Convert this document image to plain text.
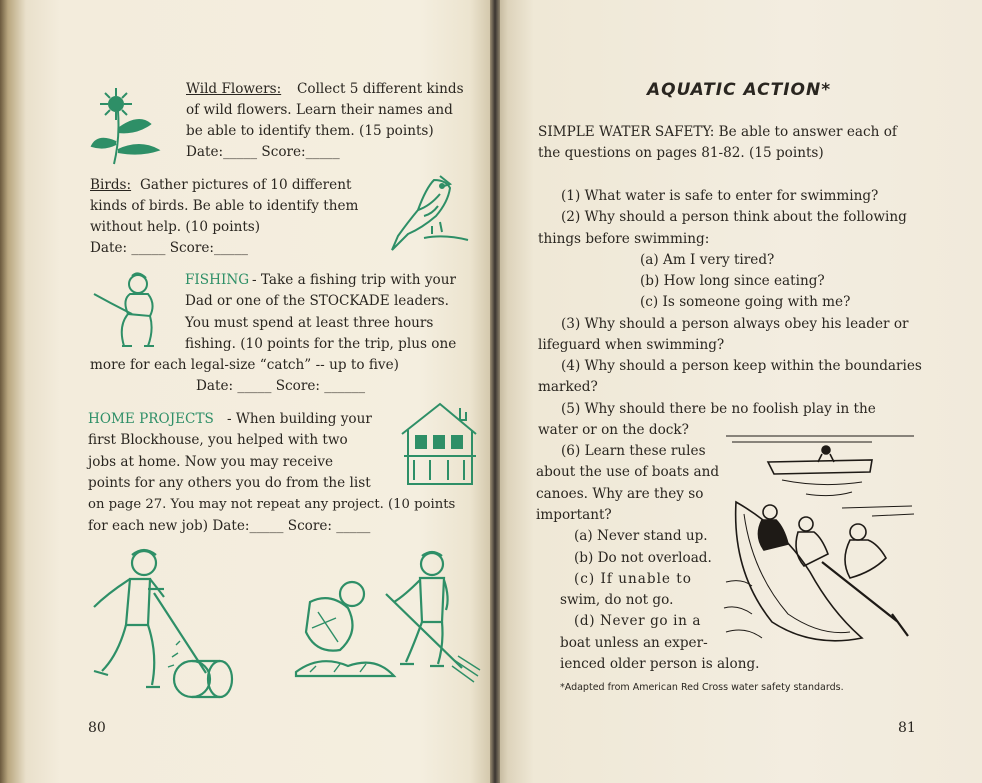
Wild Flowers: Collect 5 different kinds
of wild flowers. Learn their names and
be able to identify them. (15 points)
Date:_____ Score:_____
Birds: Gather pictures of 10 different
kinds of birds. Be able to identify them
without help. (10 points)
Date: _____ Score:_____
FISHING - Take a fishing trip with your
Dad or one of the STOCKADE leaders.
You must spend at least three hours
fishing. (10 points for the trip, plus one
more for each legal-size “catch” -- up to five)
Date: _____ Score: ______
HOME PROJECTS - When building your
first Blockhouse, you helped with two
jobs at home. Now you may receive
points for any others you do from the list
on page 27. You may not repeat any project. (10 points
for each new job) Date:_____ Score: _____
80
AQUATIC ACTION*
SIMPLE WATER SAFETY: Be able to answer each of
the questions on pages 81-82. (15 points)
(1) What water is safe to enter for swimming?
(2) Why should a person think about the following
things before swimming:
(a) Am I very tired?
(b) How long since eating?
(c) Is someone going with me?
(3) Why should a person always obey his leader or
lifeguard when swimming?
(4) Why should a person keep within the boundaries
marked?
(5) Why should there be no foolish play in the
water or on the dock?
(6) Learn these rules
about the use of boats and
canoes. Why are they so
important?
(a) Never stand up.
(b) Do not overload.
(c) If unable to
swim, do not go.
(d) Never go in a
boat unless an exper-
ienced older person is along.
*Adapted from American Red Cross water safety standards.
81
